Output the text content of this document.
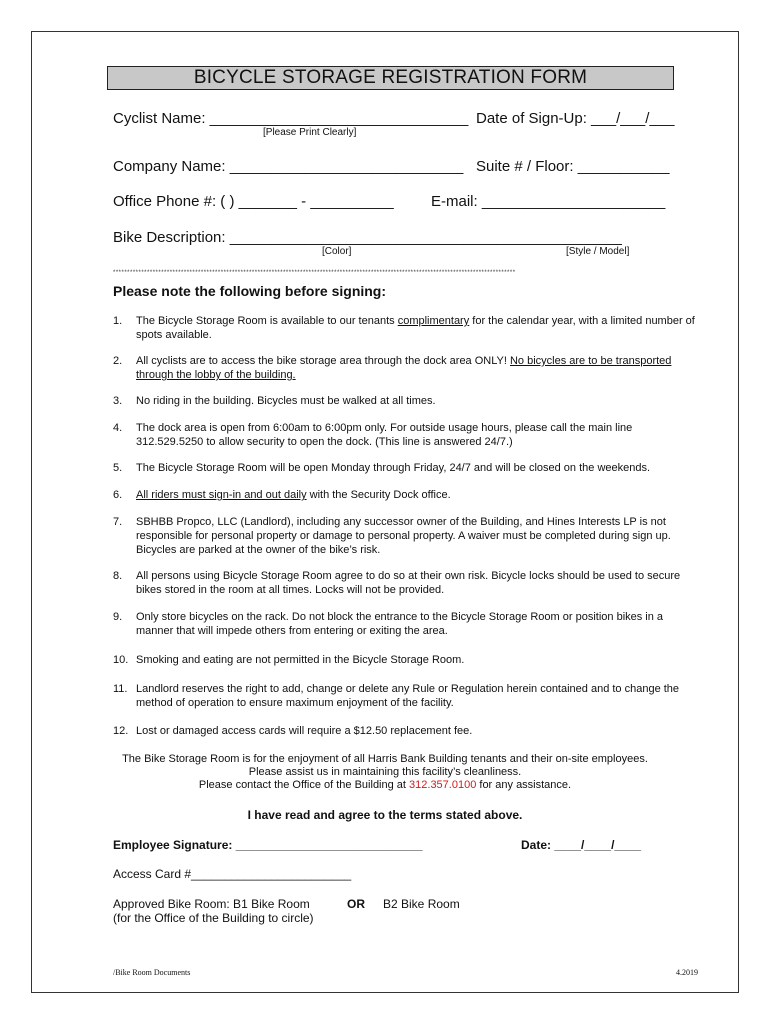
BICYCLE STORAGE REGISTRATION FORM
Cyclist Name: _______________________________ Date of Sign-Up: ___/___/___
[Please Print Clearly]
Company Name: ____________________________ Suite # / Floor: ___________
Office Phone #: ( ) _______ - __________ E-mail: ______________________
Bike Description: _______________________________________________
[Color]	[Style / Model]
**********************************************************************************************************************************************
Please note the following before signing:
1. The Bicycle Storage Room is available to our tenants complimentary for the calendar year, with a limited number of spots available.
2. All cyclists are to access the bike storage area through the dock area ONLY! No bicycles are to be transported through the lobby of the building.
3. No riding in the building. Bicycles must be walked at all times.
4. The dock area is open from 6:00am to 6:00pm only. For outside usage hours, please call the main line 312.529.5250 to allow security to open the dock. (This line is answered 24/7.)
5. The Bicycle Storage Room will be open Monday through Friday, 24/7 and will be closed on the weekends.
6. All riders must sign-in and out daily with the Security Dock office.
7. SBHBB Propco, LLC (Landlord), including any successor owner of the Building, and Hines Interests LP is not responsible for personal property or damage to personal property. A waiver must be completed during sign up. Bicycles are parked at the owner of the bike’s risk.
8. All persons using Bicycle Storage Room agree to do so at their own risk. Bicycle locks should be used to secure bikes stored in the room at all times. Locks will not be provided.
9. Only store bicycles on the rack. Do not block the entrance to the Bicycle Storage Room or position bikes in a manner that will impede others from entering or exiting the area.
10. Smoking and eating are not permitted in the Bicycle Storage Room.
11. Landlord reserves the right to add, change or delete any Rule or Regulation herein contained and to change the method of operation to ensure maximum enjoyment of the facility.
12. Lost or damaged access cards will require a $12.50 replacement fee.
The Bike Storage Room is for the enjoyment of all Harris Bank Building tenants and their on-site employees.
Please assist us in maintaining this facility’s cleanliness.
Please contact the Office of the Building at 312.357.0100 for any assistance.
I have read and agree to the terms stated above.
Employee Signature: ____________________________	Date: ____/____/____
Access Card #________________________
Approved Bike Room: B1 Bike Room	OR B2 Bike Room
(for the Office of the Building to circle)
/Bike Room Documents	4.2019
